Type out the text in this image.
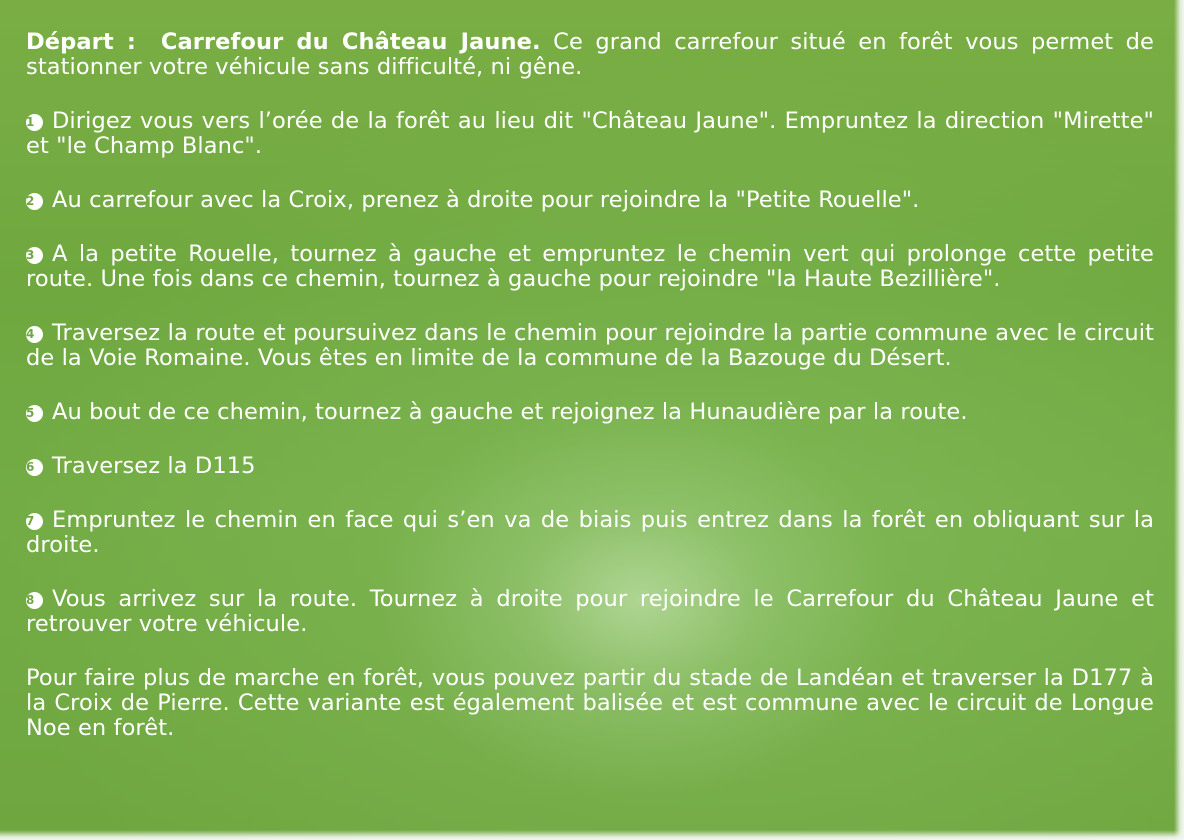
Départ : Carrefour du Château Jaune. Ce grand carrefour situé en forêt vous permet de stationner votre véhicule sans difficulté, ni gêne.

1 Dirigez vous vers l’orée de la forêt au lieu dit "Château Jaune". Empruntez la direction "Mirette" et "le Champ Blanc".

2 Au carrefour avec la Croix, prenez à droite pour rejoindre la "Petite Rouelle".

3 A la petite Rouelle, tournez à gauche et empruntez le chemin vert qui prolonge cette petite route. Une fois dans ce chemin, tournez à gauche pour rejoindre "la Haute Bezillière".

4 Traversez la route et poursuivez dans le chemin pour rejoindre la partie commune avec le circuit de la Voie Romaine. Vous êtes en limite de la commune de la Bazouge du Désert.

5 Au bout de ce chemin, tournez à gauche et rejoignez la Hunaudière par la route.

6 Traversez la D115

7 Empruntez le chemin en face qui s’en va de biais puis entrez dans la forêt en obliquant sur la droite.

8 Vous arrivez sur la route. Tournez à droite pour rejoindre le Carrefour du Château Jaune et retrouver votre véhicule.

Pour faire plus de marche en forêt, vous pouvez partir du stade de Landéan et traverser la D177 à la Croix de Pierre. Cette variante est également balisée et est commune avec le circuit de Longue Noe en forêt.
